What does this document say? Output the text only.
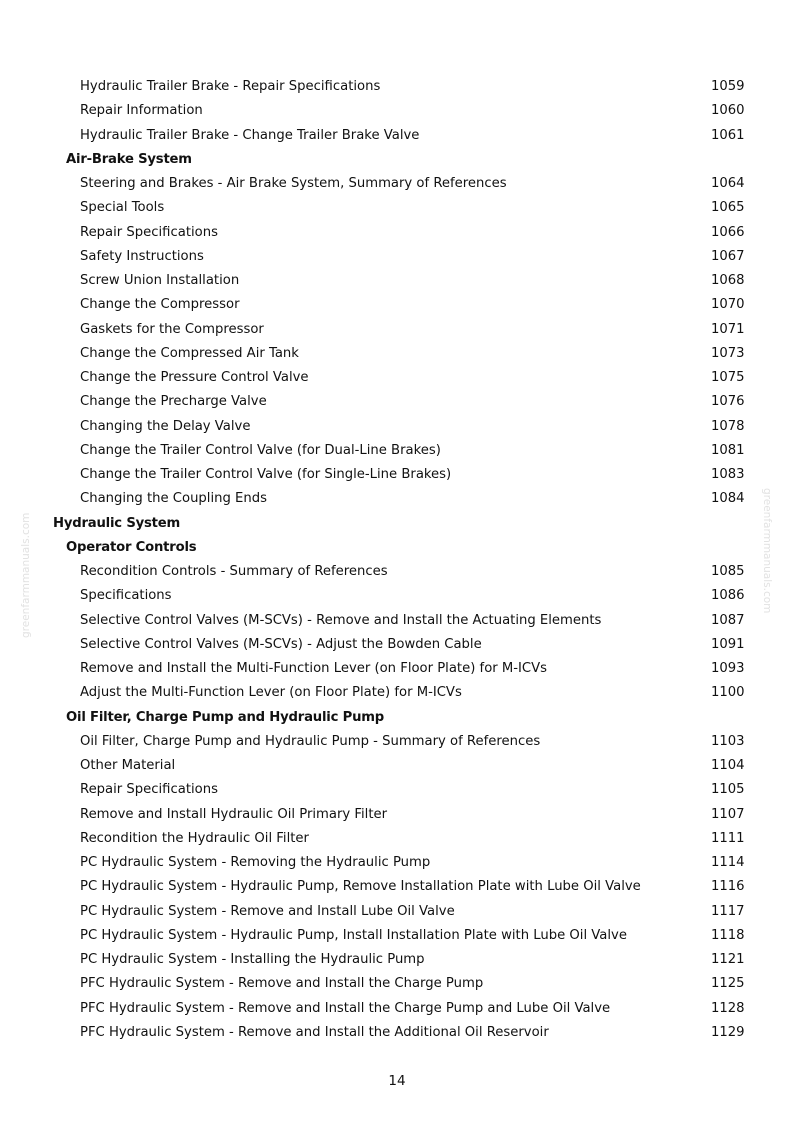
Hydraulic Trailer Brake - Repair Specifications	1059
Repair Information	1060
Hydraulic Trailer Brake - Change Trailer Brake Valve	1061
Air-Brake System
Steering and Brakes - Air Brake System, Summary of References	1064
Special Tools	1065
Repair Specifications	1066
Safety Instructions	1067
Screw Union Installation	1068
Change the Compressor	1070
Gaskets for the Compressor	1071
Change the Compressed Air Tank	1073
Change the Pressure Control Valve	1075
Change the Precharge Valve	1076
Changing the Delay Valve	1078
Change the Trailer Control Valve (for Dual-Line Brakes)	1081
Change the Trailer Control Valve (for Single-Line Brakes)	1083
Changing the Coupling Ends	1084
Hydraulic System
Operator Controls
Recondition Controls - Summary of References	1085
Specifications	1086
Selective Control Valves (M-SCVs) - Remove and Install the Actuating Elements	1087
Selective Control Valves (M-SCVs) - Adjust the Bowden Cable	1091
Remove and Install the Multi-Function Lever (on Floor Plate) for M-ICVs	1093
Adjust the Multi-Function Lever (on Floor Plate) for M-ICVs	1100
Oil Filter, Charge Pump and Hydraulic Pump
Oil Filter, Charge Pump and Hydraulic Pump - Summary of References	1103
Other Material	1104
Repair Specifications	1105
Remove and Install Hydraulic Oil Primary Filter	1107
Recondition the Hydraulic Oil Filter	1111
PC Hydraulic System - Removing the Hydraulic Pump	1114
PC Hydraulic System - Hydraulic Pump, Remove Installation Plate with Lube Oil Valve	1116
PC Hydraulic System - Remove and Install Lube Oil Valve	1117
PC Hydraulic System - Hydraulic Pump, Install Installation Plate with Lube Oil Valve	1118
PC Hydraulic System - Installing the Hydraulic Pump	1121
PFC Hydraulic System - Remove and Install the Charge Pump	1125
PFC Hydraulic System - Remove and Install the Charge Pump and Lube Oil Valve	1128
PFC Hydraulic System - Remove and Install the Additional Oil Reservoir	1129
greenfarmmanuals.com	greenfarmmanuals.com
14
